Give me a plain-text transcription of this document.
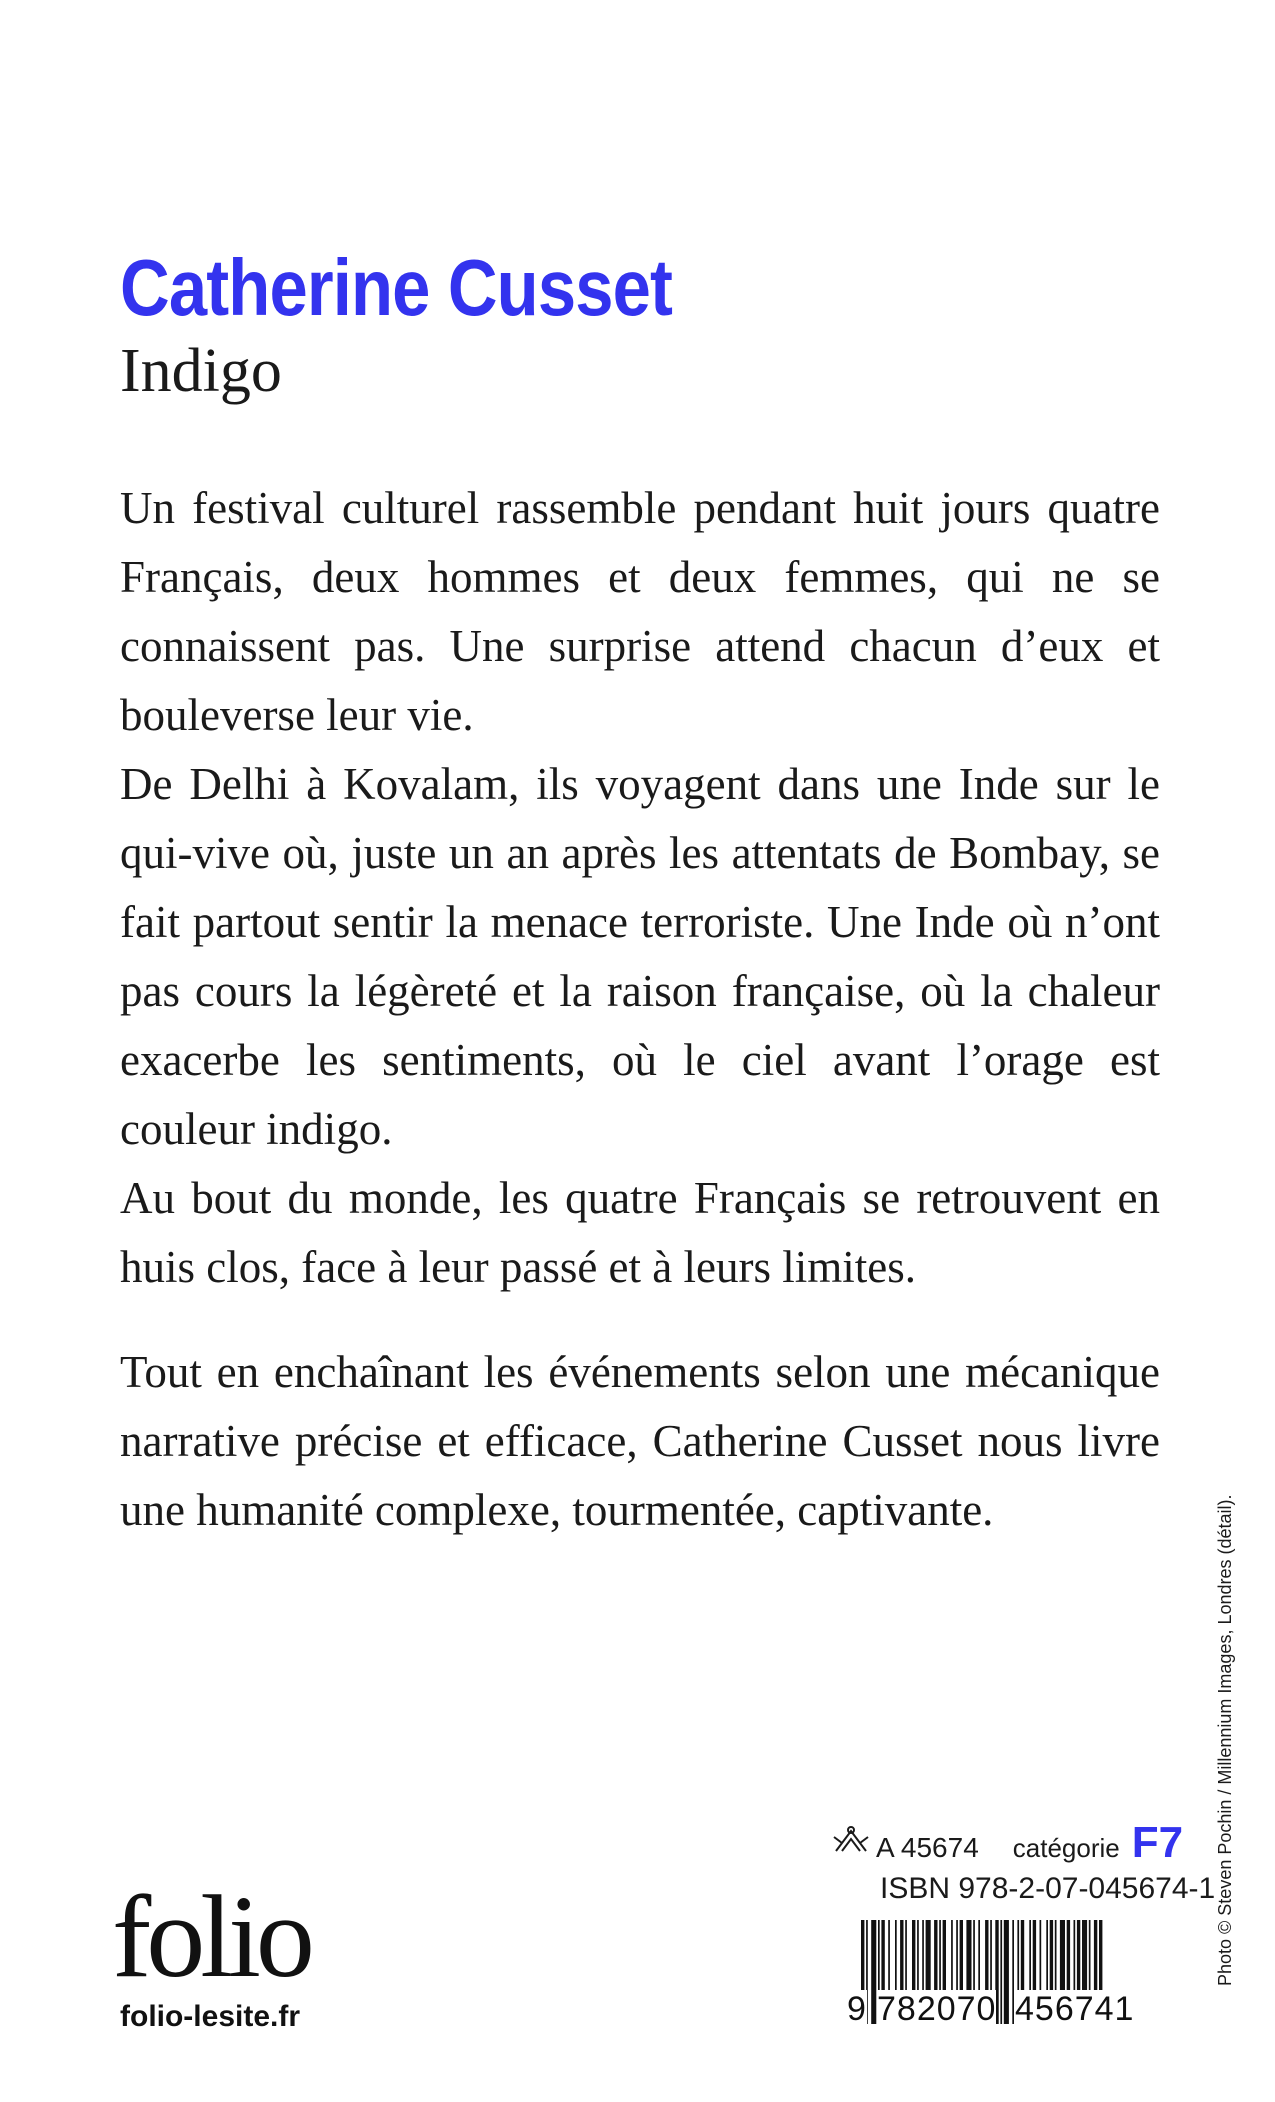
Catherine Cusset
Indigo

Un festival culturel rassemble pendant huit jours quatre Français, deux hommes et deux femmes, qui ne se connaissent pas. Une surprise attend chacun d’eux et bouleverse leur vie.

De Delhi à Kovalam, ils voyagent dans une Inde sur le qui-vive où, juste un an après les attentats de Bombay, se fait partout sentir la menace terroriste. Une Inde où n’ont pas cours la légèreté et la raison française, où la chaleur exacerbe les sentiments, où le ciel avant l’orage est couleur indigo.

Au bout du monde, les quatre Français se retrouvent en huis clos, face à leur passé et à leurs limites.

Tout en enchaînant les événements selon une mécanique narrative précise et efficace, Catherine Cusset nous livre une humanité complexe, tourmentée, captivante.	Photo © Steven Pochin / Millennium Images, Londres (détail).
A 45674 catégorie F7
ISBN 978-2-07-045674-1
9 782070 456741
folio
folio-lesite.fr
